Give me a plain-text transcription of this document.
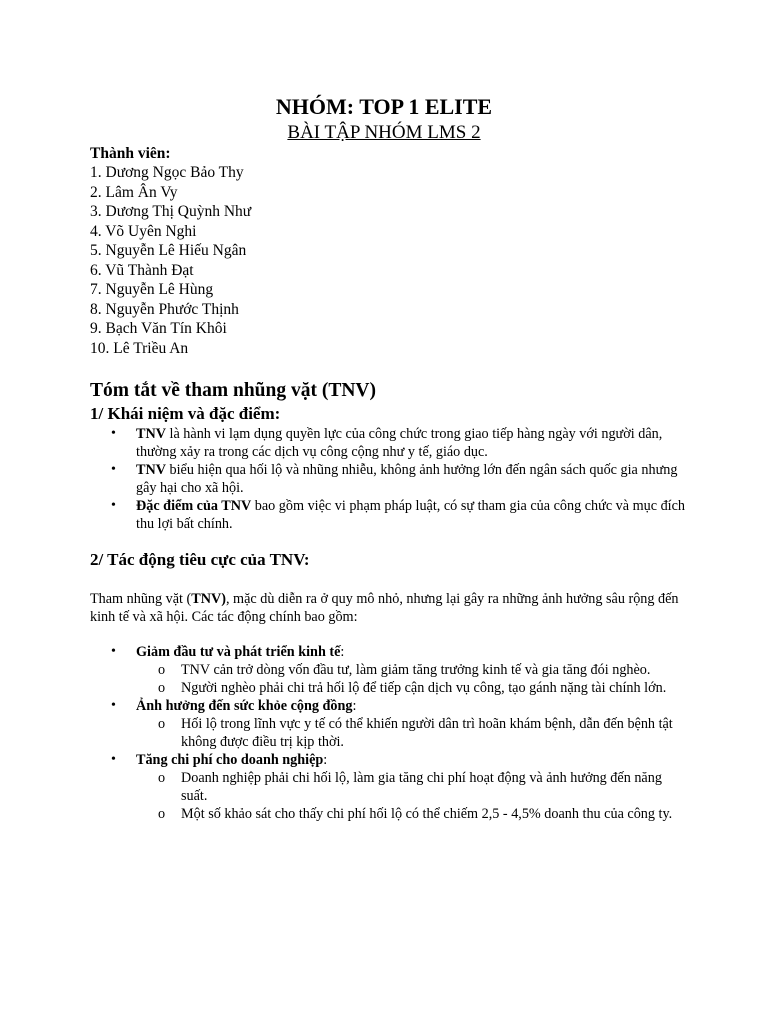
NHÓM: TOP 1 ELITE
BÀI TẬP NHÓM LMS 2
Thành viên:
1. Dương Ngọc Bảo Thy
2. Lâm Ân Vy
3. Dương Thị Quỳnh Như
4. Võ Uyên Nghi
5. Nguyễn Lê Hiếu Ngân
6. Vũ Thành Đạt
7. Nguyễn Lê Hùng
8. Nguyễn Phước Thịnh
9. Bạch Văn Tín Khôi
10. Lê Triều An
Tóm tắt về tham nhũng vặt (TNV)
1/ Khái niệm và đặc điểm:
• TNV là hành vi lạm dụng quyền lực của công chức trong giao tiếp hàng ngày với người dân, thường xảy ra trong các dịch vụ công cộng như y tế, giáo dục.
• TNV biểu hiện qua hối lộ và nhũng nhiễu, không ảnh hưởng lớn đến ngân sách quốc gia nhưng gây hại cho xã hội.
• Đặc điểm của TNV bao gồm việc vi phạm pháp luật, có sự tham gia của công chức và mục đích thu lợi bất chính.
2/ Tác động tiêu cực của TNV:
Tham nhũng vặt (TNV), mặc dù diễn ra ở quy mô nhỏ, nhưng lại gây ra những ảnh hưởng sâu rộng đến kinh tế và xã hội. Các tác động chính bao gồm:
• Giảm đầu tư và phát triển kinh tế:
o TNV cản trở dòng vốn đầu tư, làm giảm tăng trưởng kinh tế và gia tăng đói nghèo.
o Người nghèo phải chi trả hối lộ để tiếp cận dịch vụ công, tạo gánh nặng tài chính lớn.
• Ảnh hưởng đến sức khỏe cộng đồng:
o Hối lộ trong lĩnh vực y tế có thể khiến người dân trì hoãn khám bệnh, dẫn đến bệnh tật không được điều trị kịp thời.
• Tăng chi phí cho doanh nghiệp:
o Doanh nghiệp phải chi hối lộ, làm gia tăng chi phí hoạt động và ảnh hưởng đến năng suất.
o Một số khảo sát cho thấy chi phí hối lộ có thể chiếm 2,5 - 4,5% doanh thu của công ty.
